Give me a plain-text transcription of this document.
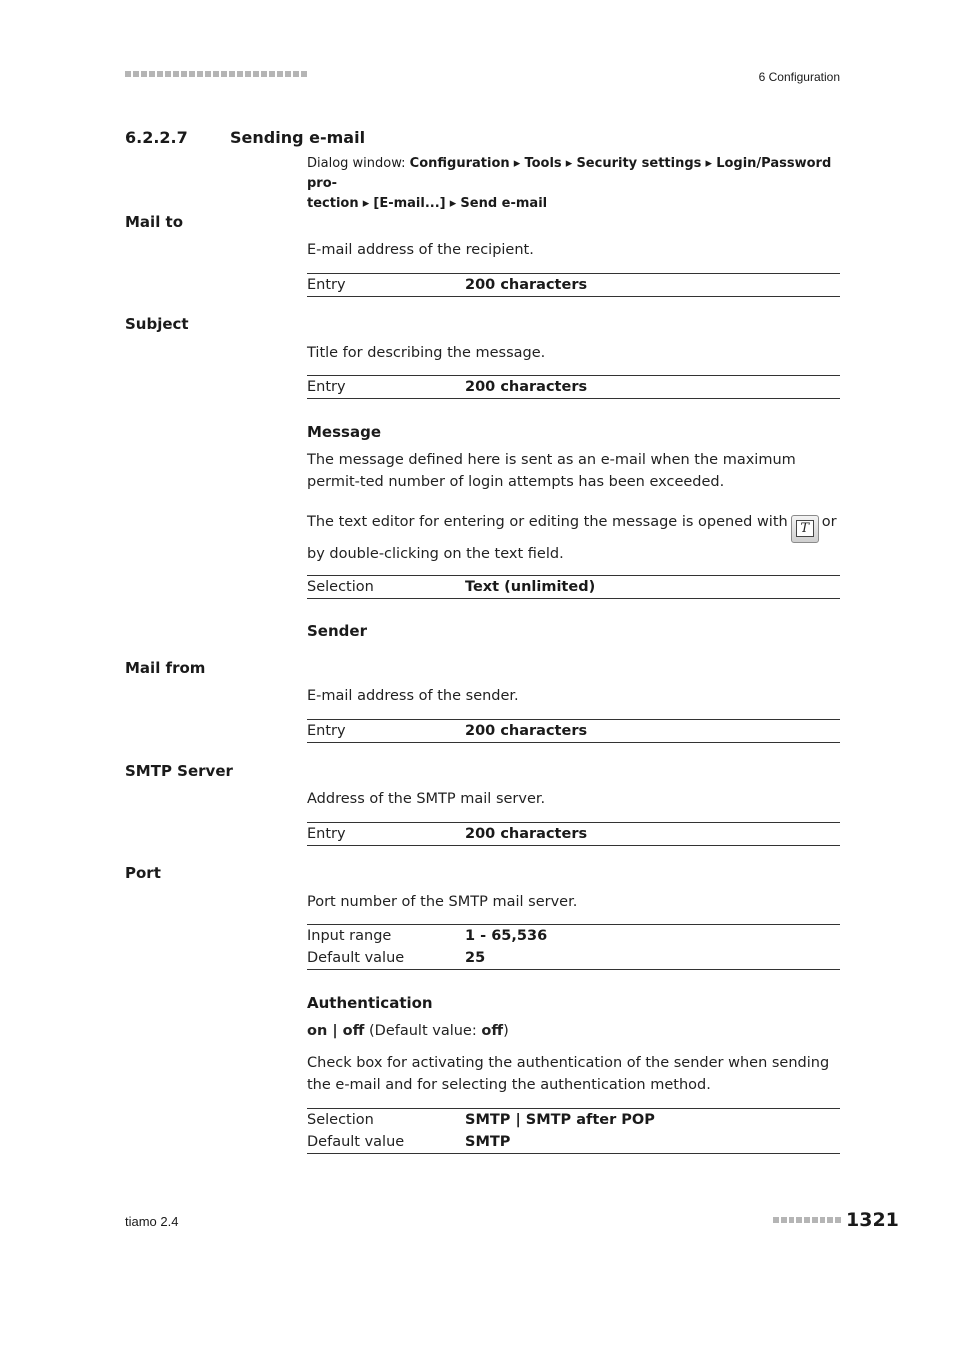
6 Configuration
6.2.2.7	Sending e-mail
Dialog window: Configuration ▸ Tools ▸ Security settings ▸ Login/Password pro-
tection ▸ [E-mail...] ▸ Send e-mail
Mail to
E-mail address of the recipient.
Entry	200 characters
Subject
Title for describing the message.
Entry	200 characters
Message
The message defined here is sent as an e-mail when the maximum permit-ted number of login attempts has been exceeded.
The text editor for entering or editing the message is opened with T or by double-clicking on the text field.
Selection	Text (unlimited)
Sender
Mail from
E-mail address of the sender.
Entry	200 characters
SMTP Server
Address of the SMTP mail server.
Entry	200 characters
Port
Port number of the SMTP mail server.
Input range	1 - 65,536
Default value	25
Authentication
on | off (Default value: off)
Check box for activating the authentication of the sender when sending the e-mail and for selecting the authentication method.
Selection	SMTP | SMTP after POP
Default value	SMTP
tiamo 2.4	1321
